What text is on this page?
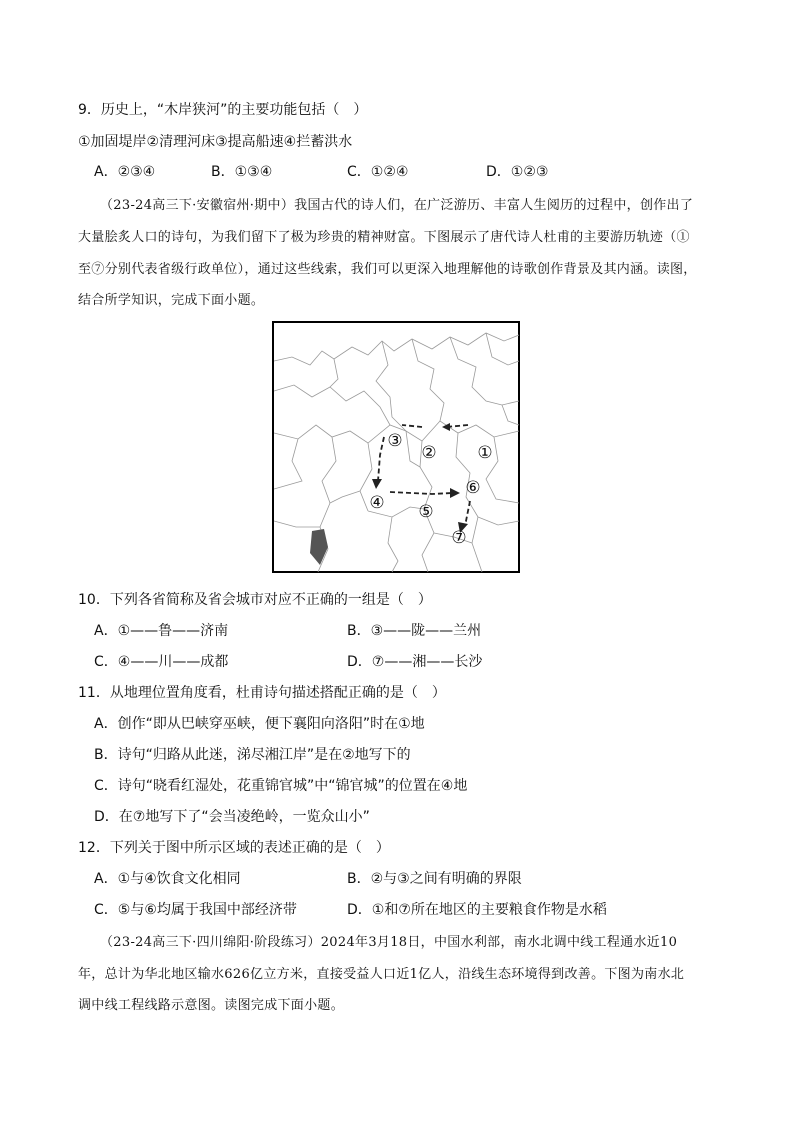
9．历史上，“木岸狭河”的主要功能包括（　）
①加固堤岸②清理河床③提高船速④拦蓄洪水
A．②③④	B．①③④	C．①②④	D．①②③
（23-24高三下·安徽宿州·期中）我国古代的诗人们，在广泛游历、丰富人生阅历的过程中，创作出了
大量脍炙人口的诗句，为我们留下了极为珍贵的精神财富。下图展示了唐代诗人杜甫的主要游历轨迹（①
至⑦分别代表省级行政单位），通过这些线索，我们可以更深入地理解他的诗歌创作背景及其内涵。读图，
结合所学知识，完成下面小题。
③
② ①
④
⑥
⑤
⑦
10．下列各省简称及省会城市对应不正确的一组是（　）
A．①——鲁——济南	B．③——陇——兰州
C．④——川——成都	D．⑦——湘——长沙
11．从地理位置角度看，杜甫诗句描述搭配正确的是（　）
A．创作“即从巴峡穿巫峡，便下襄阳向洛阳”时在①地
B．诗句“归路从此迷，涕尽湘江岸”是在②地写下的
C．诗句“晓看红湿处，花重锦官城”中“锦官城”的位置在④地
D．在⑦地写下了“会当凌绝岭，一览众山小”
12．下列关于图中所示区域的表述正确的是（　）
A．①与④饮食文化相同	B．②与③之间有明确的界限
C．⑤与⑥均属于我国中部经济带	D．①和⑦所在地区的主要粮食作物是水稻
（23-24高三下·四川绵阳·阶段练习）2024年3月18日，中国水利部，南水北调中线工程通水近10
年，总计为华北地区输水626亿立方米，直接受益人口近1亿人，沿线生态环境得到改善。下图为南水北
调中线工程线路示意图。读图完成下面小题。
